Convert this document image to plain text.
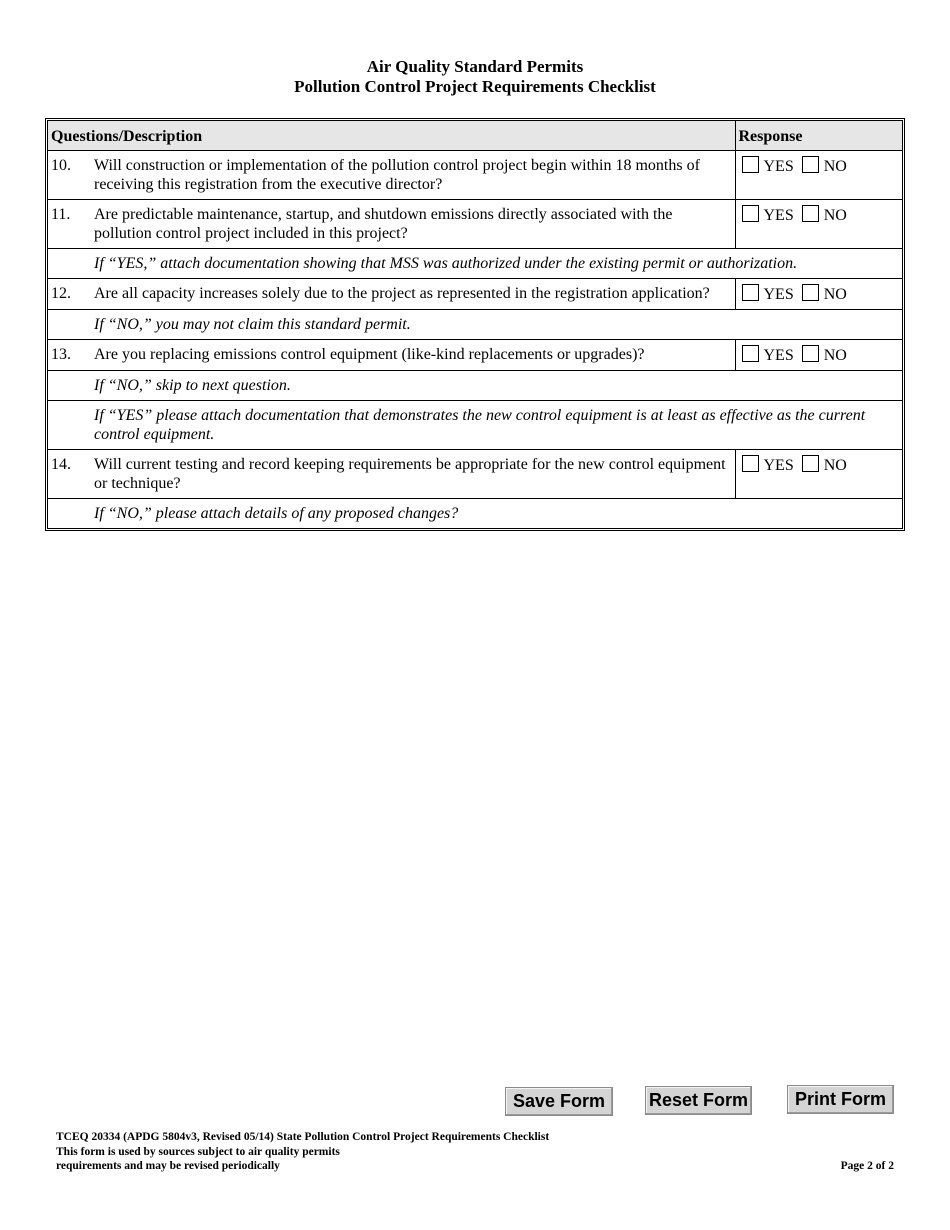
Air Quality Standard Permits
Pollution Control Project Requirements Checklist
Questions/Description	Response

10. Will construction or implementation of the pollution control project begin within 18 months of receiving this registration from the executive director?	YES NO

11. Are predictable maintenance, startup, and shutdown emissions directly associated with the pollution control project included in this project?	YES NO
If “YES,” attach documentation showing that MSS was authorized under the existing permit or authorization.	

12. Are all capacity increases solely due to the project as represented in the registration application?	YES NO
If “NO,” you may not claim this standard permit.	

13. Are you replacing emissions control equipment (like-kind replacements or upgrades)?	YES NO
If “NO,” skip to next question.	
If “YES” please attach documentation that demonstrates the new control equipment is at least as effective as the current control equipment.	

14. Will current testing and record keeping requirements be appropriate for the new control equipment or technique?	YES NO
If “NO,” please attach details of any proposed changes?	
Save Form	Reset Form	Print Form
TCEQ 20334 (APDG 5804v3, Revised 05/14) State Pollution Control Project Requirements Checklist
This form is used by sources subject to air quality permits
requirements and may be revised periodically	Page 2 of 2
